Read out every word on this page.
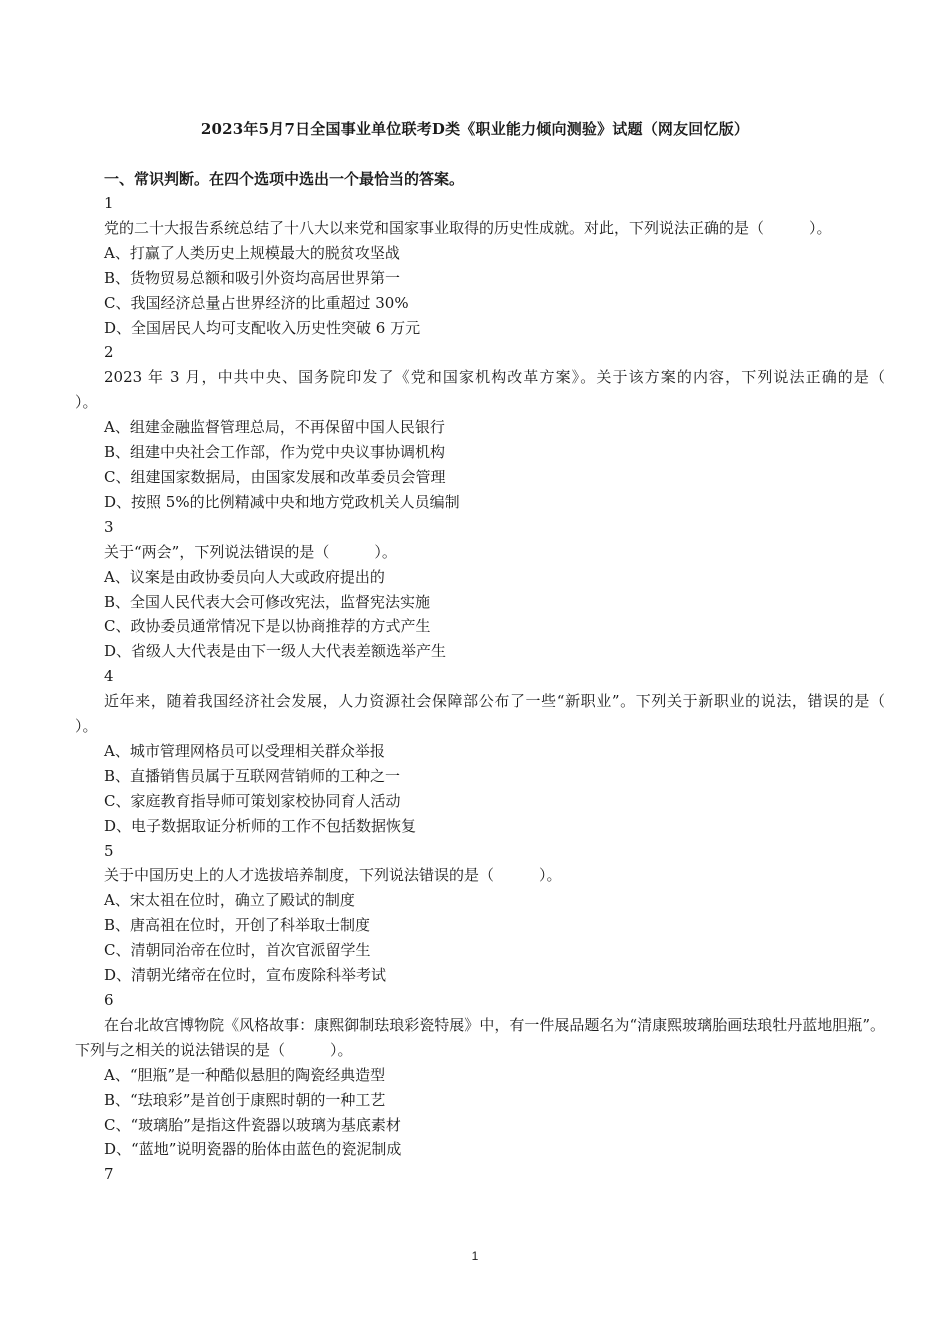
2023年5月7日全国事业单位联考D类《职业能力倾向测验》试题（网友回忆版）
一、常识判断。在四个选项中选出一个最恰当的答案。
1
党的二十大报告系统总结了十八大以来党和国家事业取得的历史性成就。对此，下列说法正确的是（　　　）。
A、打赢了人类历史上规模最大的脱贫攻坚战
B、货物贸易总额和吸引外资均高居世界第一
C、我国经济总量占世界经济的比重超过 30%
D、全国居民人均可支配收入历史性突破 6 万元
2
2023 年 3 月，中共中央、国务院印发了《党和国家机构改革方案》。关于该方案的内容，下列说法正确的是（　　　）。
A、组建金融监督管理总局，不再保留中国人民银行
B、组建中央社会工作部，作为党中央议事协调机构
C、组建国家数据局，由国家发展和改革委员会管理
D、按照 5%的比例精减中央和地方党政机关人员编制
3
关于“两会”，下列说法错误的是（　　　）。
A、议案是由政协委员向人大或政府提出的
B、全国人民代表大会可修改宪法，监督宪法实施
C、政协委员通常情况下是以协商推荐的方式产生
D、省级人大代表是由下一级人大代表差额选举产生
4
近年来，随着我国经济社会发展，人力资源社会保障部公布了一些“新职业”。下列关于新职业的说法，错误的是（　　　）。
A、城市管理网格员可以受理相关群众举报
B、直播销售员属于互联网营销师的工种之一
C、家庭教育指导师可策划家校协同育人活动
D、电子数据取证分析师的工作不包括数据恢复
5
关于中国历史上的人才选拔培养制度，下列说法错误的是（　　　）。
A、宋太祖在位时，确立了殿试的制度
B、唐高祖在位时，开创了科举取士制度
C、清朝同治帝在位时，首次官派留学生
D、清朝光绪帝在位时，宣布废除科举考试
6
在台北故宫博物院《风格故事：康熙御制珐琅彩瓷特展》中，有一件展品题名为“清康熙玻璃胎画珐琅牡丹蓝地胆瓶”。下列与之相关的说法错误的是（　　　）。
A、“胆瓶”是一种酷似悬胆的陶瓷经典造型
B、“珐琅彩”是首创于康熙时朝的一种工艺
C、“玻璃胎”是指这件瓷器以玻璃为基底素材
D、“蓝地”说明瓷器的胎体由蓝色的瓷泥制成
7
1
